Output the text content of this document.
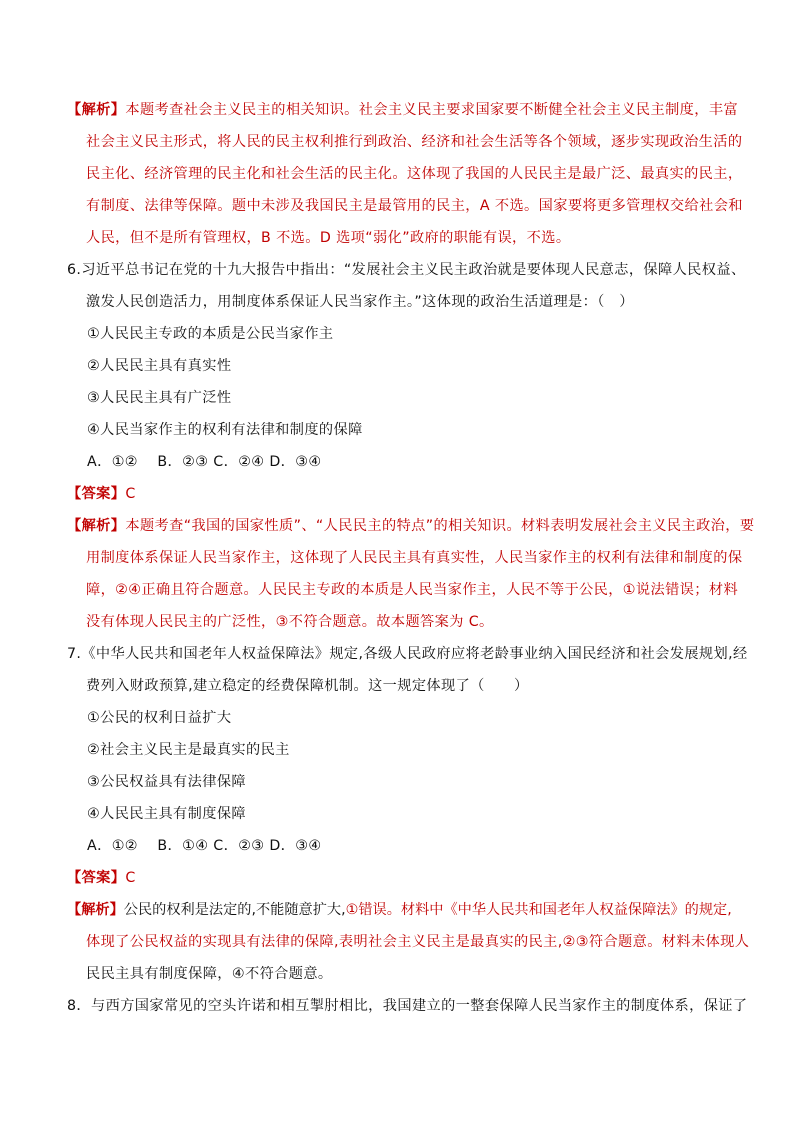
【解析】本题考查社会主义民主的相关知识。社会主义民主要求国家要不断健全社会主义民主制度，丰富
社会主义民主形式，将人民的民主权利推行到政治、经济和社会生活等各个领域，逐步实现政治生活的
民主化、经济管理的民主化和社会生活的民主化。这体现了我国的人民民主是最广泛、最真实的民主，
有制度、法律等保障。题中未涉及我国民主是最管用的民主，A 不选。国家要将更多管理权交给社会和
人民，但不是所有管理权，B 不选。D 选项“弱化”政府的职能有误，不选。
6.习近平总书记在党的十九大报告中指出：“发展社会主义民主政治就是要体现人民意志，保障人民权益、
激发人民创造活力，用制度体系保证人民当家作主。”这体现的政治生活道理是：（　）
①人民民主专政的本质是公民当家作主
②人民民主具有真实性
③人民民主具有广泛性
④人民当家作主的权利有法律和制度的保障
A．①②　 B．②③ C．②④ D．③④
【答案】C
【解析】本题考查“我国的国家性质”、“人民民主的特点”的相关知识。材料表明发展社会主义民主政治，要
用制度体系保证人民当家作主，这体现了人民民主具有真实性，人民当家作主的权利有法律和制度的保
障，②④正确且符合题意。人民民主专政的本质是人民当家作主，人民不等于公民，①说法错误；材料
没有体现人民民主的广泛性，③不符合题意。故本题答案为 C。
7.《中华人民共和国老年人权益保障法》规定,各级人民政府应将老龄事业纳入国民经济和社会发展规划,经
费列入财政预算,建立稳定的经费保障机制。这一规定体现了（　　）
①公民的权利日益扩大
②社会主义民主是最真实的民主
③公民权益具有法律保障
④人民民主具有制度保障
A．①②　 B．①④ C．②③ D．③④
【答案】C
【解析】公民的权利是法定的,不能随意扩大,①错误。材料中《中华人民共和国老年人权益保障法》的规定,
体现了公民权益的实现具有法律的保障,表明社会主义民主是最真实的民主,②③符合题意。材料未体现人
民民主具有制度保障，④不符合题意。
8．与西方国家常见的空头许诺和相互掣肘相比，我国建立的一整套保障人民当家作主的制度体系，保证了
